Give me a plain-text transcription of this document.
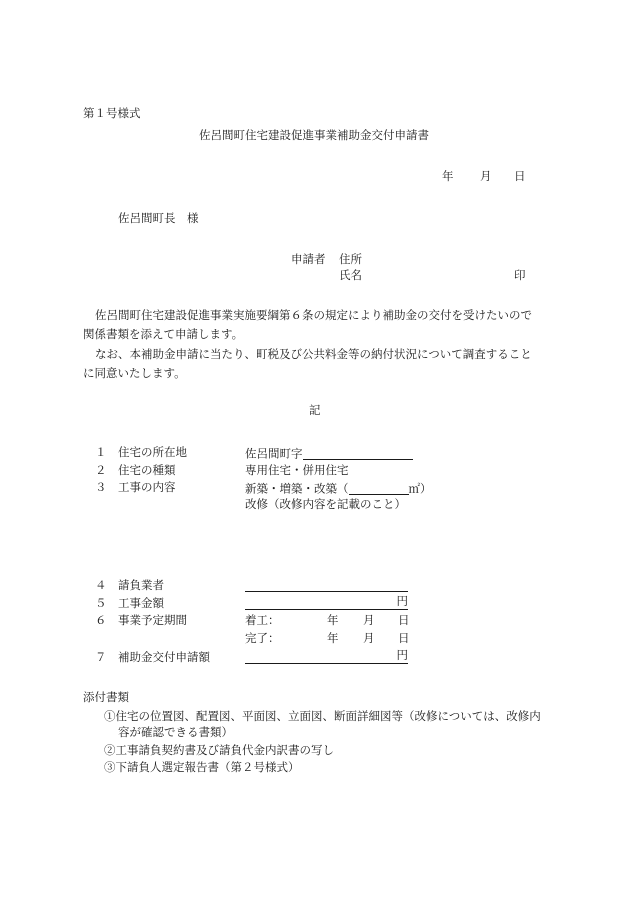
第１号様式
佐呂間町住宅建設促進事業補助金交付申請書
年 月 日
佐呂間町長　様
申請者 住所
氏名	印
佐呂間町住宅建設促進事業実施要綱第６条の規定により補助金の交付を受けたいので
関係書類を添えて申請します。
なお、本補助金申請に当たり、町税及び公共料金等の納付状況について調査すること
に同意いたします。
記
１ 住宅の所在地	佐呂間町字
２ 住宅の種類	専用住宅・併用住宅
３ 工事の内容	新築・増築・改築（	㎡）
改修（改修内容を記載のこと）
４ 請負業者
５ 工事金額	円
６ 事業予定期間	着工：	年 月 日
完了：	年 月 日
７ 補助金交付申請額	円
添付書類
①住宅の位置図、配置図、平面図、立面図、断面詳細図等（改修については、改修内
容が確認できる書類）
②工事請負契約書及び請負代金内訳書の写し
③下請負人選定報告書（第２号様式）
